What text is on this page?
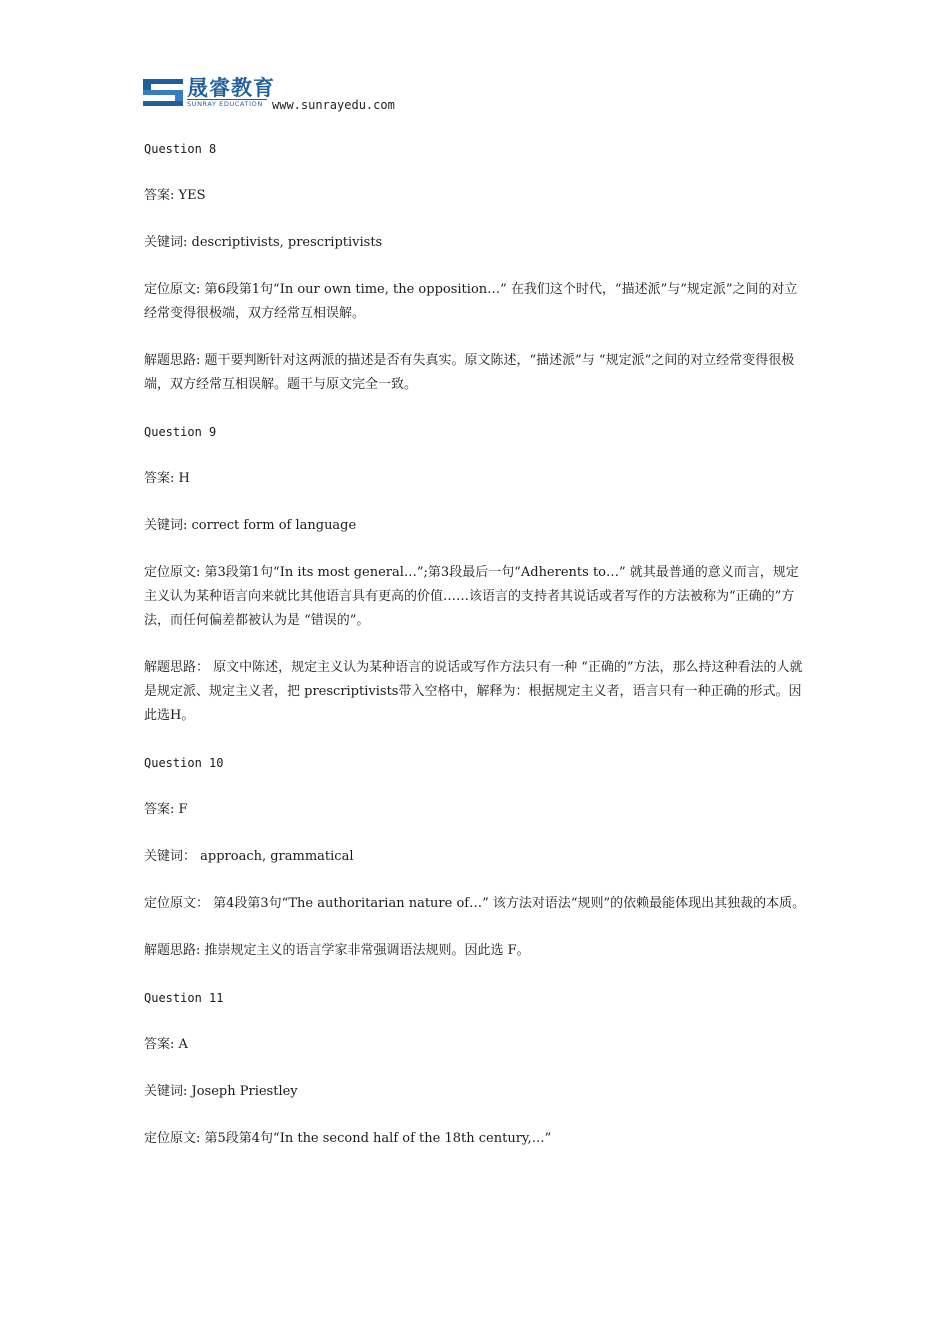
晟睿教育
SUNRAY EDUCATION www.sunrayedu.com

Question 8

答案: YES

关键词: descriptivists, prescriptivists

定位原文: 第6段第1句“In our own time, the opposition…” 在我们这个时代，“描述派”与“规定派”之间的对立经常变得很极端，双方经常互相误解。

解题思路: 题干要判断针对这两派的描述是否有失真实。原文陈述，“描述派”与 “规定派”之间的对立经常变得很极端，双方经常互相误解。题干与原文完全一致。

Question 9

答案: H

关键词: correct form of language

定位原文: 第3段第1句“In its most general…”;第3段最后一句“Adherents to…” 就其最普通的意义而言，规定主义认为某种语言向来就比其他语言具有更高的价值……该语言的支持者其说话或者写作的方法被称为“正确的”方法，而任何偏差都被认为是 “错误的”。

解题思路： 原文中陈述，规定主义认为某种语言的说话或写作方法只有一种 “正确的”方法，那么持这种看法的人就是规定派、规定主义者，把 prescriptivists带入空格中，解释为：根据规定主义者，语言只有一种正确的形式。因此选H。

Question 10

答案: F

关键词： approach, grammatical

定位原文： 第4段第3句“The authoritarian nature of…” 该方法对语法“规则”的依赖最能体现出其独裁的本质。

解题思路: 推崇规定主义的语言学家非常强调语法规则。因此选 F。

Question 11

答案: A

关键词: Joseph Priestley

定位原文: 第5段第4句“In the second half of the 18th century,…”
